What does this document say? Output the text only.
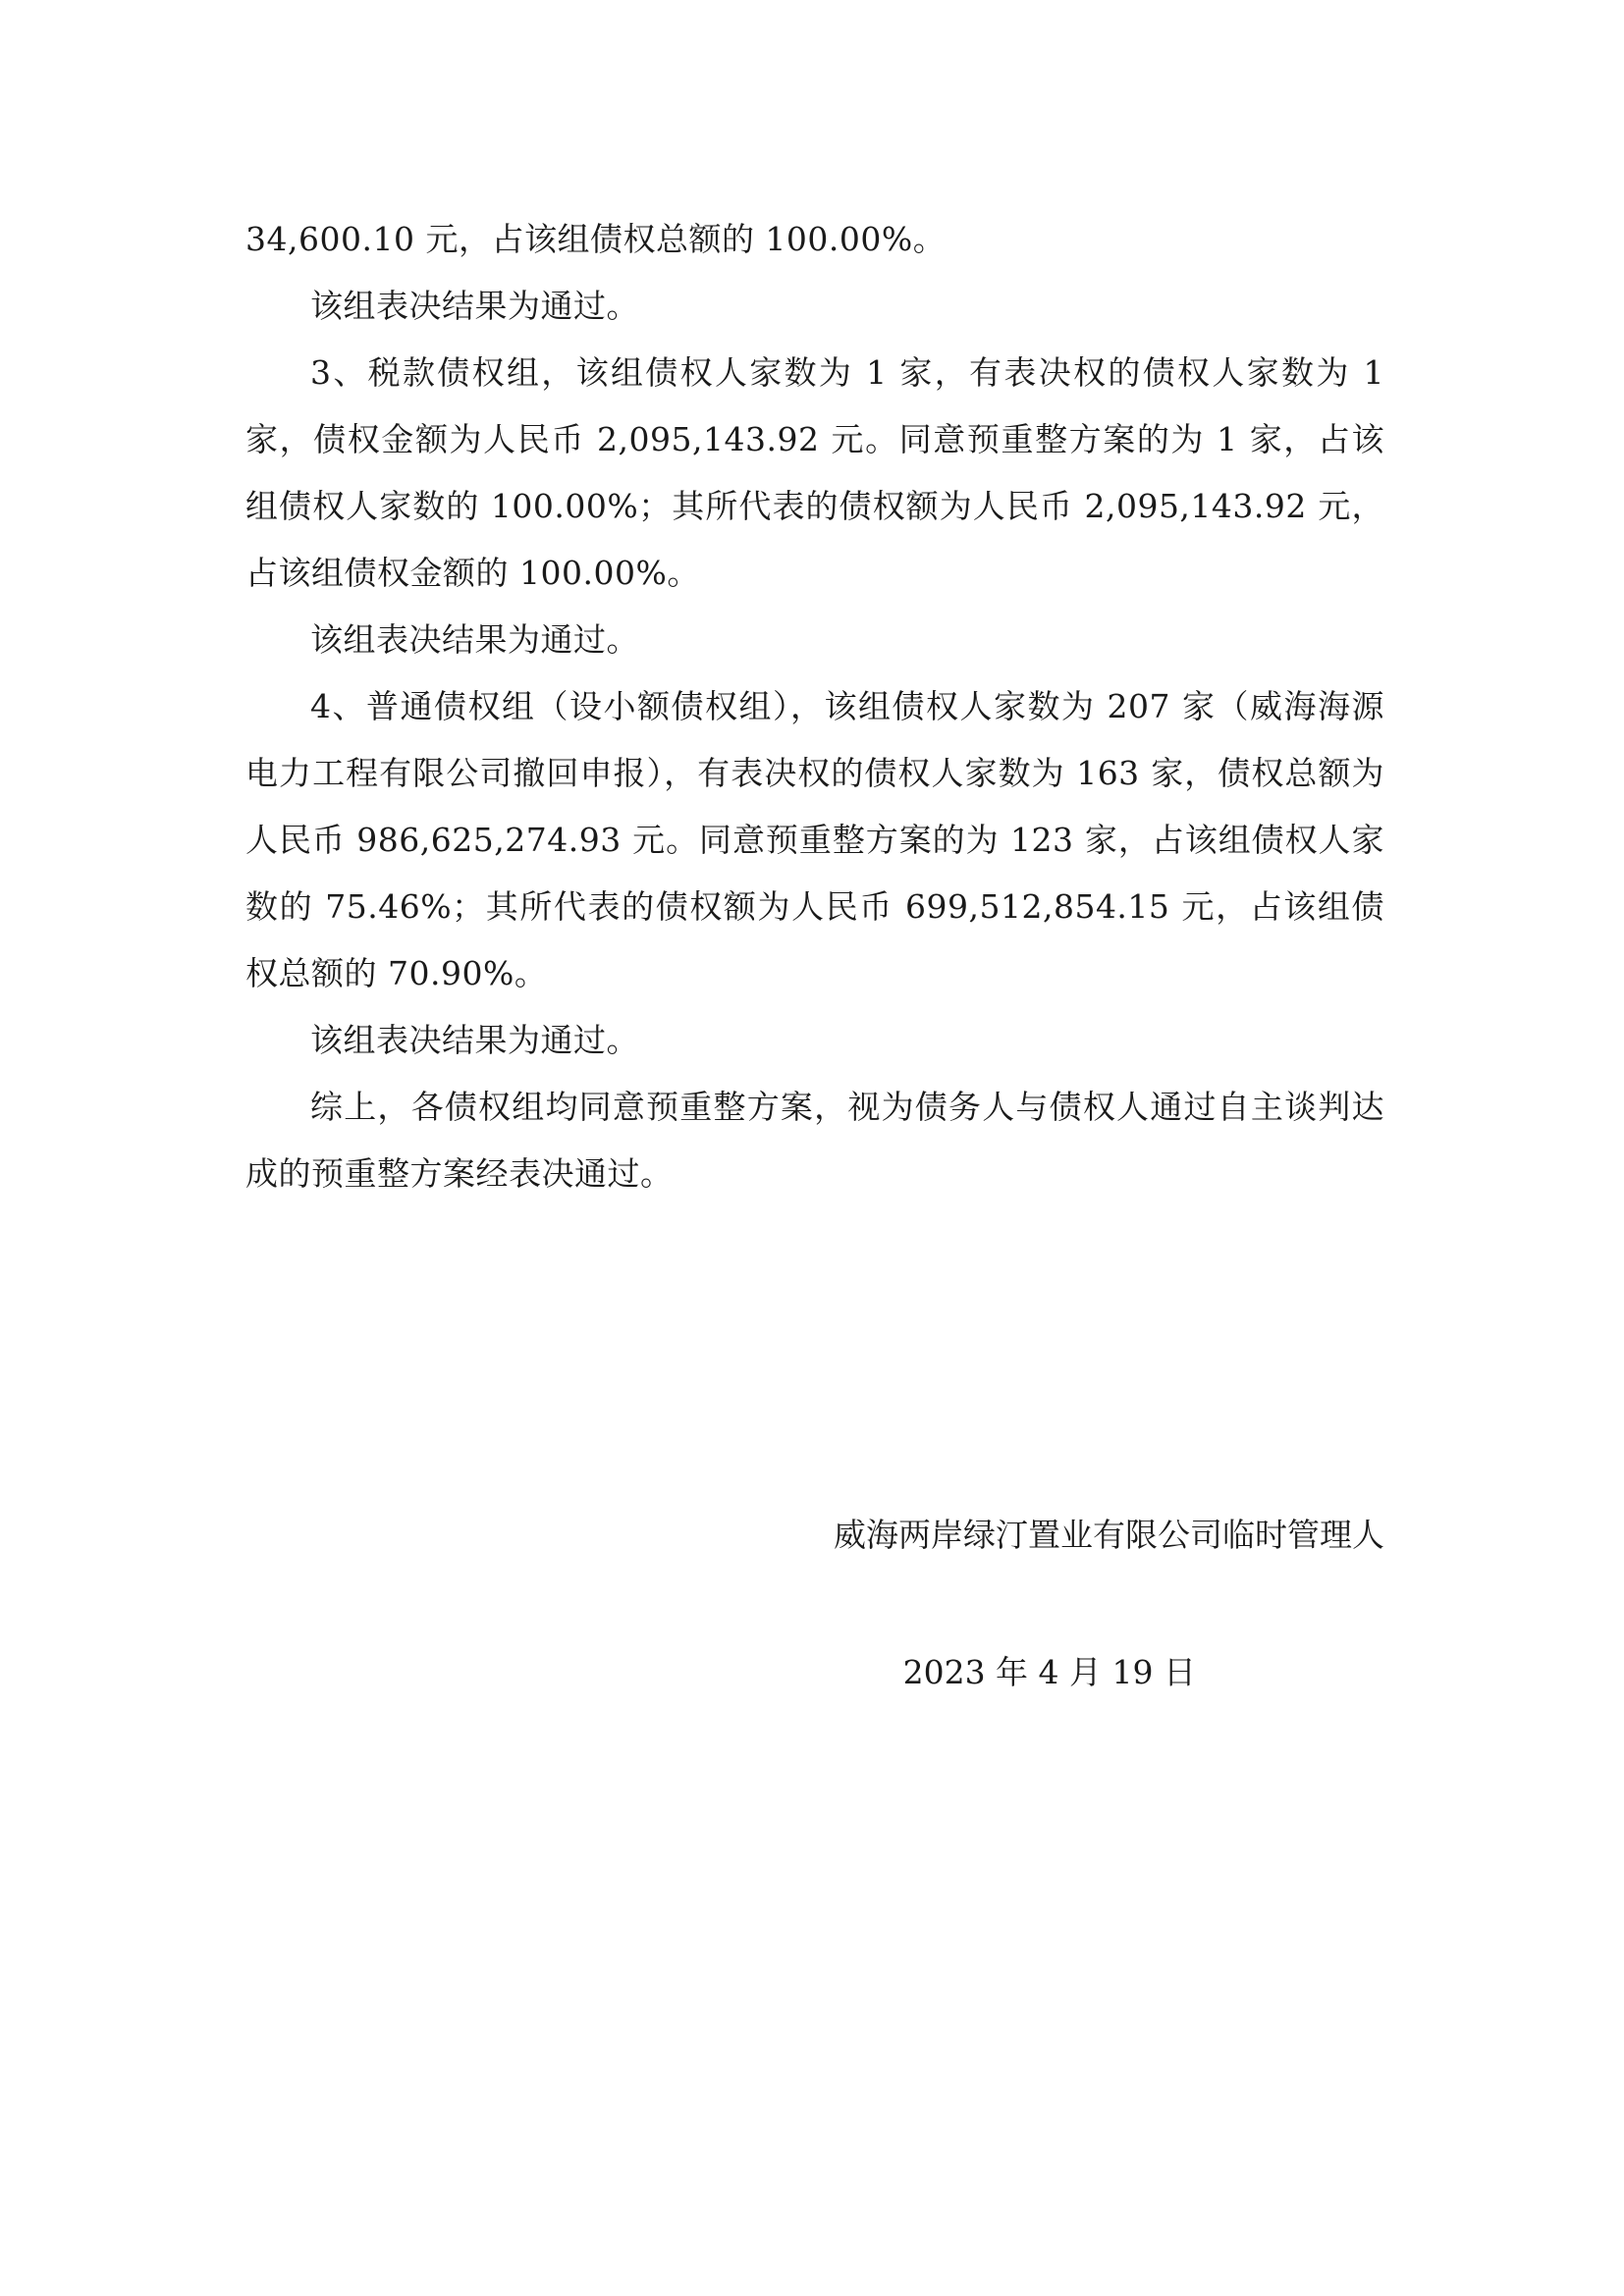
34,600.10 元，占该组债权总额的 100.00%。

该组表决结果为通过。

3、税款债权组，该组债权人家数为 1 家，有表决权的债权人家数为 1 家，债权金额为人民币 2,095,143.92 元。同意预重整方案的为 1 家，占该组债权人家数的 100.00%；其所代表的债权额为人民币 2,095,143.92 元，占该组债权金额的 100.00%。

该组表决结果为通过。

4、普通债权组（设小额债权组），该组债权人家数为 207 家（威海海源电力工程有限公司撤回申报），有表决权的债权人家数为 163 家，债权总额为人民币 986,625,274.93 元。同意预重整方案的为 123 家，占该组债权人家数的 75.46%；其所代表的债权额为人民币 699,512,854.15 元，占该组债权总额的 70.90%。

该组表决结果为通过。

综上，各债权组均同意预重整方案，视为债务人与债权人通过自主谈判达成的预重整方案经表决通过。

威海两岸绿汀置业有限公司临时管理人

2023 年 4 月 19 日
